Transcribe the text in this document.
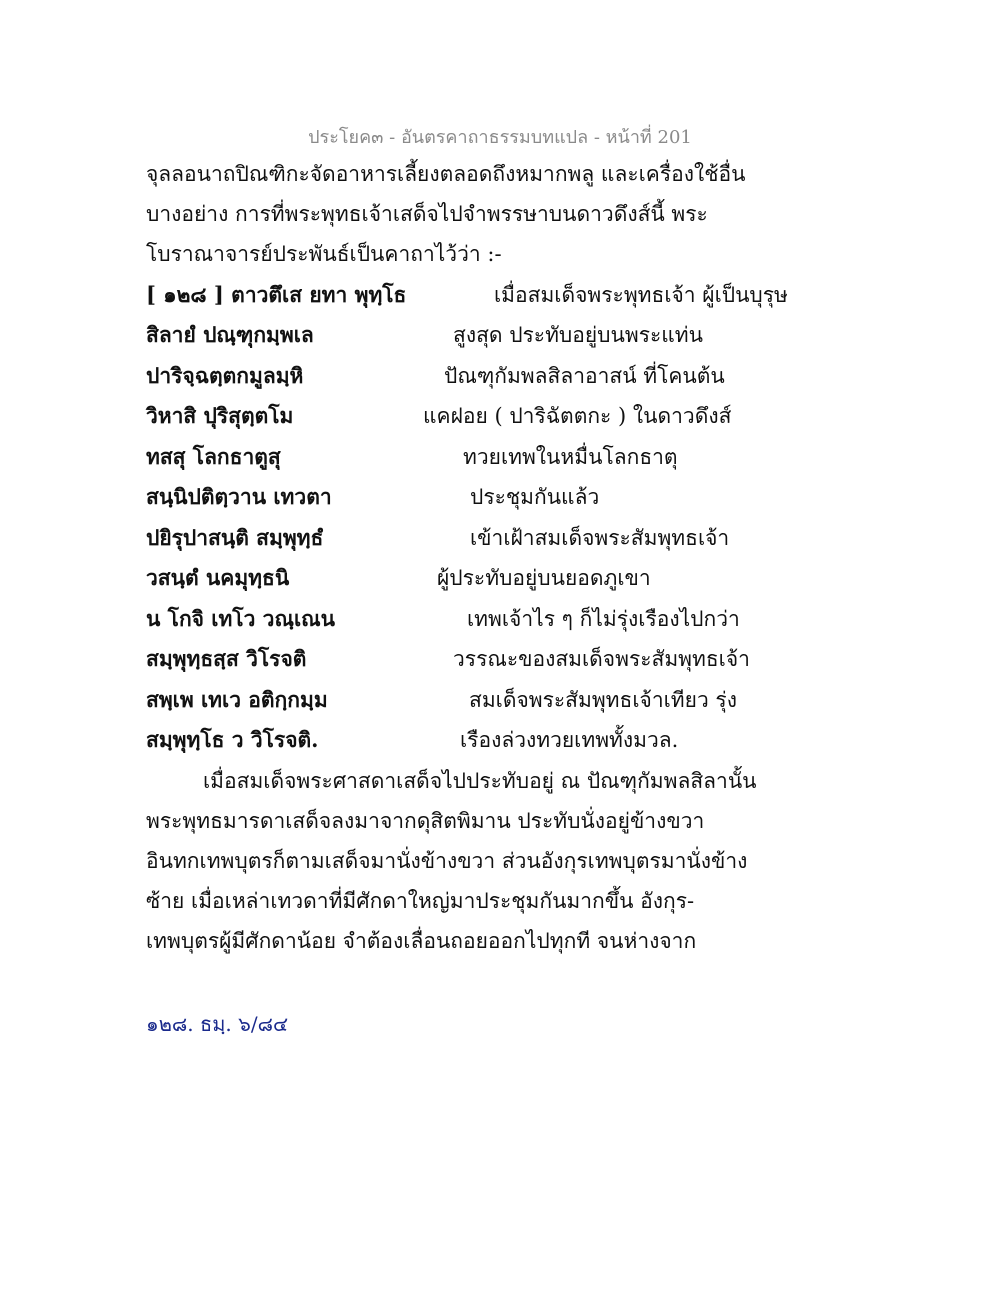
ประโยค๓ - อันตรคาถาธรรมบทแปล - หน้าที่ 201
จุลลอนาถปิณฑิกะจัดอาหารเลี้ยงตลอดถึงหมากพลู และเครื่องใช้อื่น
บางอย่าง การที่พระพุทธเจ้าเสด็จไปจำพรรษาบนดาวดึงส์นี้ พระ
โบราณาจารย์ประพันธ์เป็นคาถาไว้ว่า :-
[ ๑๒๘ ] ตาวตึเส ยทา พุทฺโธ	เมื่อสมเด็จพระพุทธเจ้า ผู้เป็นบุรุษ
สิลายํ ปณฺฑุกมฺพเล	สูงสุด ประทับอยู่บนพระแท่น
ปาริจฺฉตฺตกมูลมฺหิ	ปัณฑุกัมพลสิลาอาสน์ ที่โคนต้น
วิหาสิ ปุริสุตฺตโม	แคฝอย ( ปาริฉัตตกะ ) ในดาวดึงส์
ทสสุ โลกธาตูสุ	ทวยเทพในหมื่นโลกธาตุ
สนฺนิปติตฺวาน เทวตา	ประชุมกันแล้ว
ปยิรุปาสนฺติ สมฺพุทฺธํ	เข้าเฝ้าสมเด็จพระสัมพุทธเจ้า
วสนฺตํ นคมุทฺธนิ	ผู้ประทับอยู่บนยอดภูเขา
น โกจิ เทโว วณฺเณน	เทพเจ้าไร ๆ ก็ไม่รุ่งเรืองไปกว่า
สมฺพุทฺธสฺส วิโรจติ	วรรณะของสมเด็จพระสัมพุทธเจ้า
สพฺเพ เทเว อติกฺกมฺม	สมเด็จพระสัมพุทธเจ้าเทียว รุ่ง
สมฺพุทฺโธ ว วิโรจติ.	เรืองล่วงทวยเทพทั้งมวล.
เมื่อสมเด็จพระศาสดาเสด็จไปประทับอยู่ ณ ปัณฑุกัมพลสิลานั้น
พระพุทธมารดาเสด็จลงมาจากดุสิตพิมาน ประทับนั่งอยู่ข้างขวา
อินทกเทพบุตรก็ตามเสด็จมานั่งข้างขวา ส่วนอังกุรเทพบุตรมานั่งข้าง
ซ้าย เมื่อเหล่าเทวดาที่มีศักดาใหญ่มาประชุมกันมากขึ้น อังกุร-
เทพบุตรผู้มีศักดาน้อย จำต้องเลื่อนถอยออกไปทุกที จนห่างจาก
๑๒๘. ธมฺ. ๖/๘๔
